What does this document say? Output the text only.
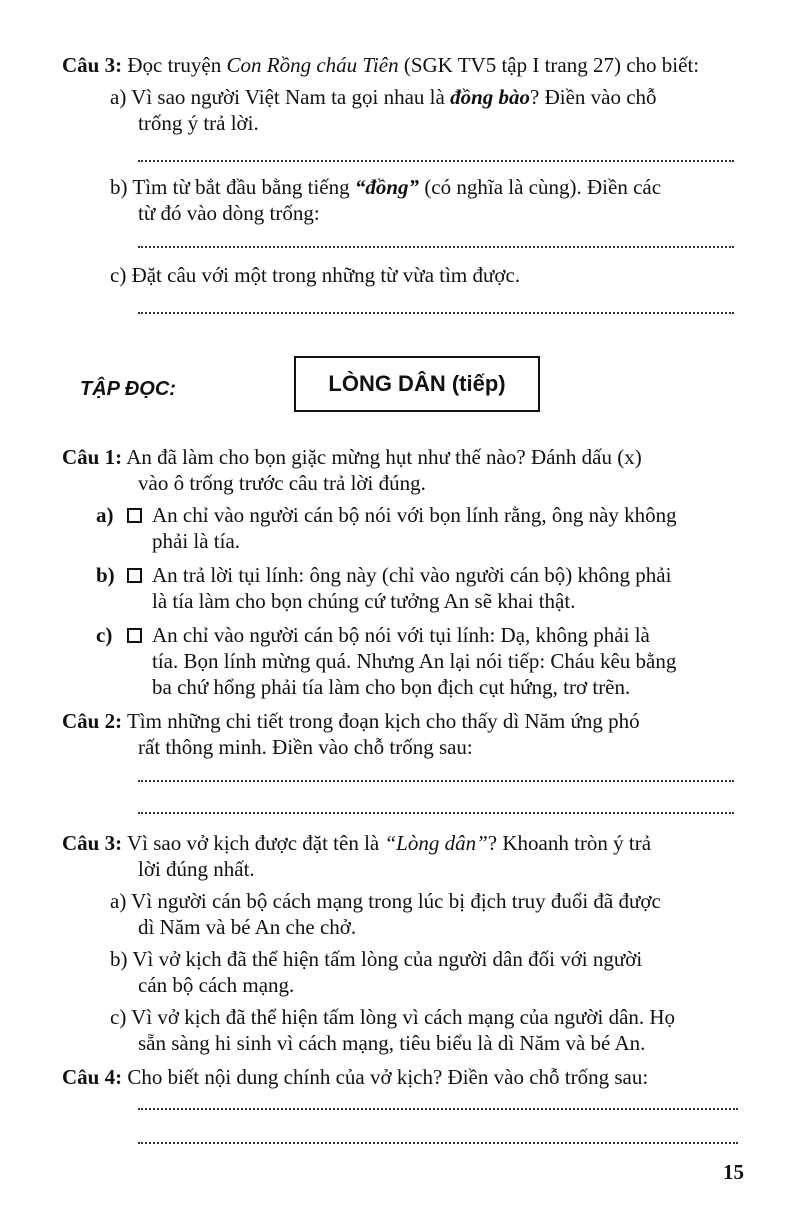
Câu 3: Đọc truyện Con Rồng cháu Tiên (SGK TV5 tập I trang 27) cho biết:
a) Vì sao người Việt Nam ta gọi nhau là đồng bào? Điền vào chỗ
trống ý trả lời.
b) Tìm từ bắt đầu bằng tiếng “đồng” (có nghĩa là cùng). Điền các
từ đó vào dòng trống:
c) Đặt câu với một trong những từ vừa tìm được.
TẬP ĐỌC:	LÒNG DÂN (tiếp)
Câu 1: An đã làm cho bọn giặc mừng hụt như thế nào? Đánh dấu (x)
vào ô trống trước câu trả lời đúng.
a) An chỉ vào người cán bộ nói với bọn lính rằng, ông này không
phải là tía.
b) An trả lời tụi lính: ông này (chỉ vào người cán bộ) không phải
là tía làm cho bọn chúng cứ tưởng An sẽ khai thật.
c) An chỉ vào người cán bộ nói với tụi lính: Dạ, không phải là
tía. Bọn lính mừng quá. Nhưng An lại nói tiếp: Cháu kêu bằng
ba chứ hổng phải tía làm cho bọn địch cụt hứng, trơ trẽn.
Câu 2: Tìm những chi tiết trong đoạn kịch cho thấy dì Năm ứng phó
rất thông minh. Điền vào chỗ trống sau:
Câu 3: Vì sao vở kịch được đặt tên là “Lòng dân”? Khoanh tròn ý trả
lời đúng nhất.
a) Vì người cán bộ cách mạng trong lúc bị địch truy đuổi đã được
dì Năm và bé An che chở.
b) Vì vở kịch đã thể hiện tấm lòng của người dân đối với người
cán bộ cách mạng.
c) Vì vở kịch đã thể hiện tấm lòng vì cách mạng của người dân. Họ
sẵn sàng hi sinh vì cách mạng, tiêu biểu là dì Năm và bé An.
Câu 4: Cho biết nội dung chính của vở kịch? Điền vào chỗ trống sau:
15
